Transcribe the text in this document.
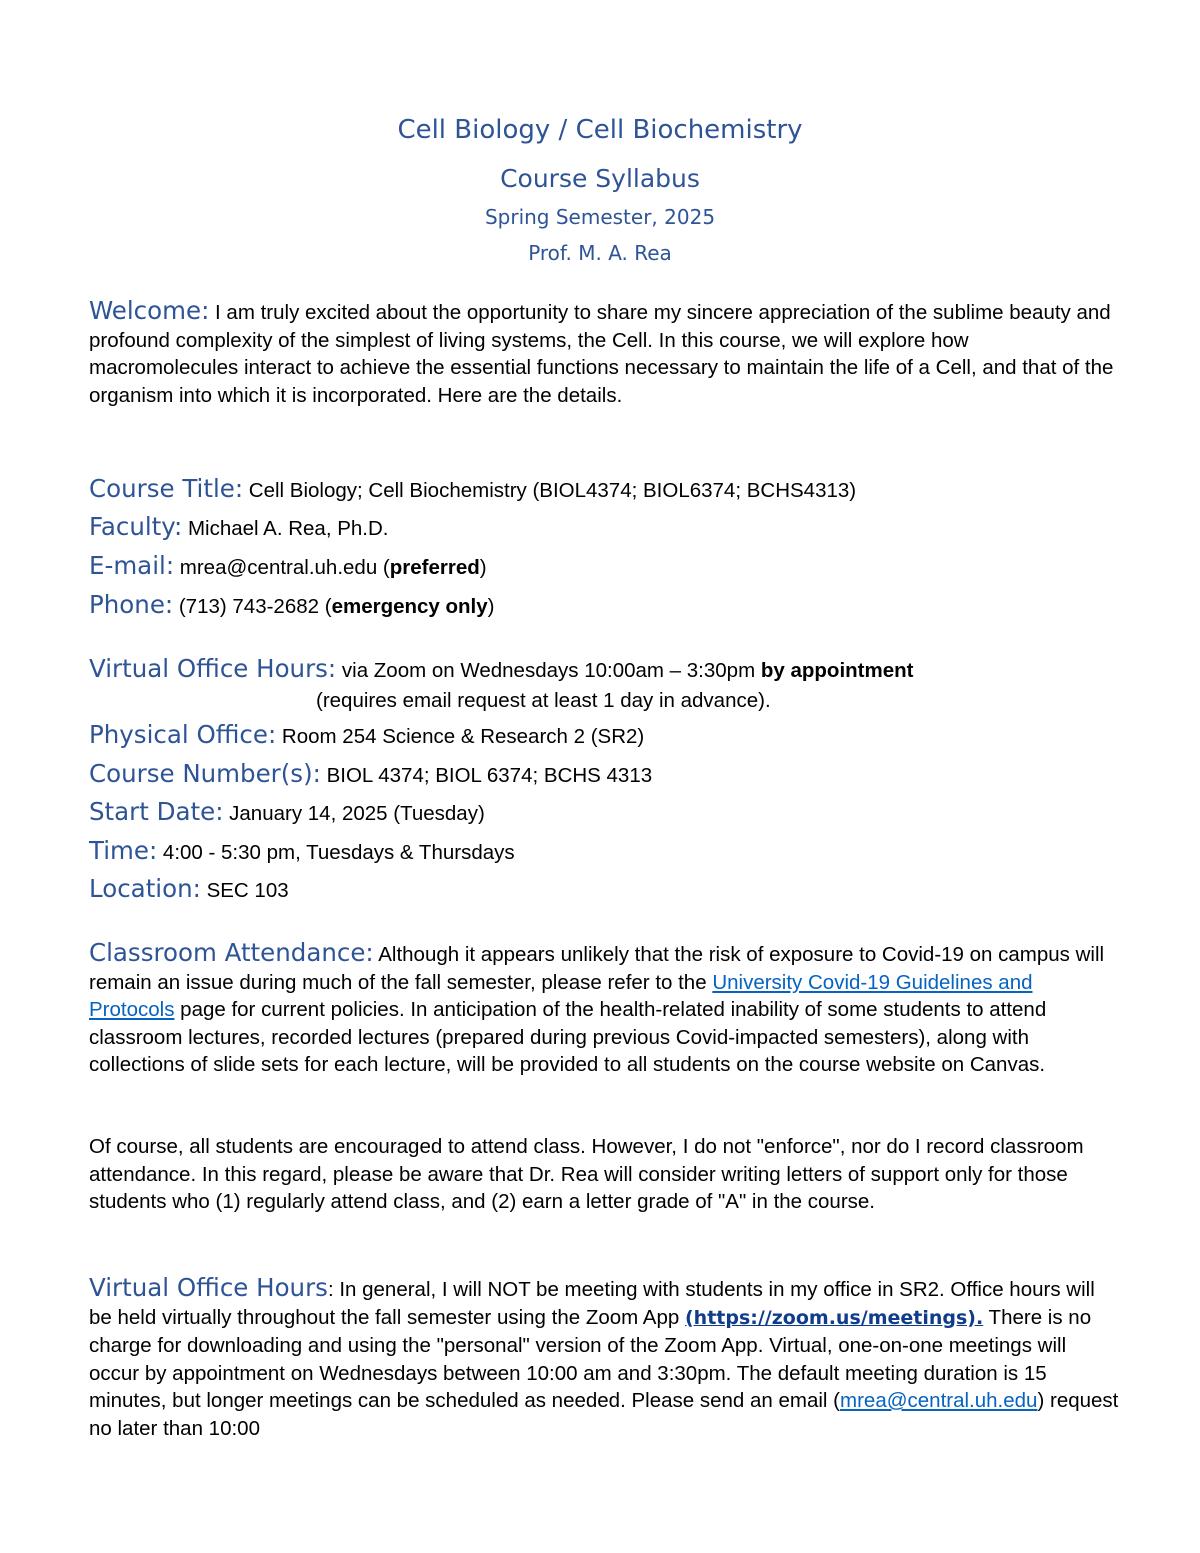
Cell Biology / Cell Biochemistry
Course Syllabus
Spring Semester, 2025
Prof. M. A. Rea

Welcome: I am truly excited about the opportunity to share my sincere appreciation of the sublime beauty and profound complexity of the simplest of living systems, the Cell. In this course, we will explore how macromolecules interact to achieve the essential functions necessary to maintain the life of a Cell, and that of the organism into which it is incorporated. Here are the details.

Course Title: Cell Biology; Cell Biochemistry (BIOL4374; BIOL6374; BCHS4313)
Faculty: Michael A. Rea, Ph.D.
E-mail: mrea@central.uh.edu (preferred)
Phone: (713) 743-2682 (emergency only)
Virtual Office Hours: via Zoom on Wednesdays 10:00am – 3:30pm by appointment
(requires email request at least 1 day in advance).
Physical Office: Room 254 Science & Research 2 (SR2)
Course Number(s): BIOL 4374; BIOL 6374; BCHS 4313
Start Date: January 14, 2025 (Tuesday)
Time: 4:00 - 5:30 pm, Tuesdays & Thursdays
Location: SEC 103

Classroom Attendance: Although it appears unlikely that the risk of exposure to Covid-19 on campus will remain an issue during much of the fall semester, please refer to the University Covid-19 Guidelines and Protocols page for current policies. In anticipation of the health-related inability of some students to attend classroom lectures, recorded lectures (prepared during previous Covid-impacted semesters), along with collections of slide sets for each lecture, will be provided to all students on the course website on Canvas.

Of course, all students are encouraged to attend class. However, I do not "enforce", nor do I record classroom attendance. In this regard, please be aware that Dr. Rea will consider writing letters of support only for those students who (1) regularly attend class, and (2) earn a letter grade of "A" in the course.

Virtual Office Hours: In general, I will NOT be meeting with students in my office in SR2. Office hours will be held virtually throughout the fall semester using the Zoom App (https://zoom.us/meetings). There is no charge for downloading and using the "personal" version of the Zoom App. Virtual, one-on-one meetings will occur by appointment on Wednesdays between 10:00 am and 3:30pm. The default meeting duration is 15 minutes, but longer meetings can be scheduled as needed. Please send an email (mrea@central.uh.edu) request no later than 10:00
